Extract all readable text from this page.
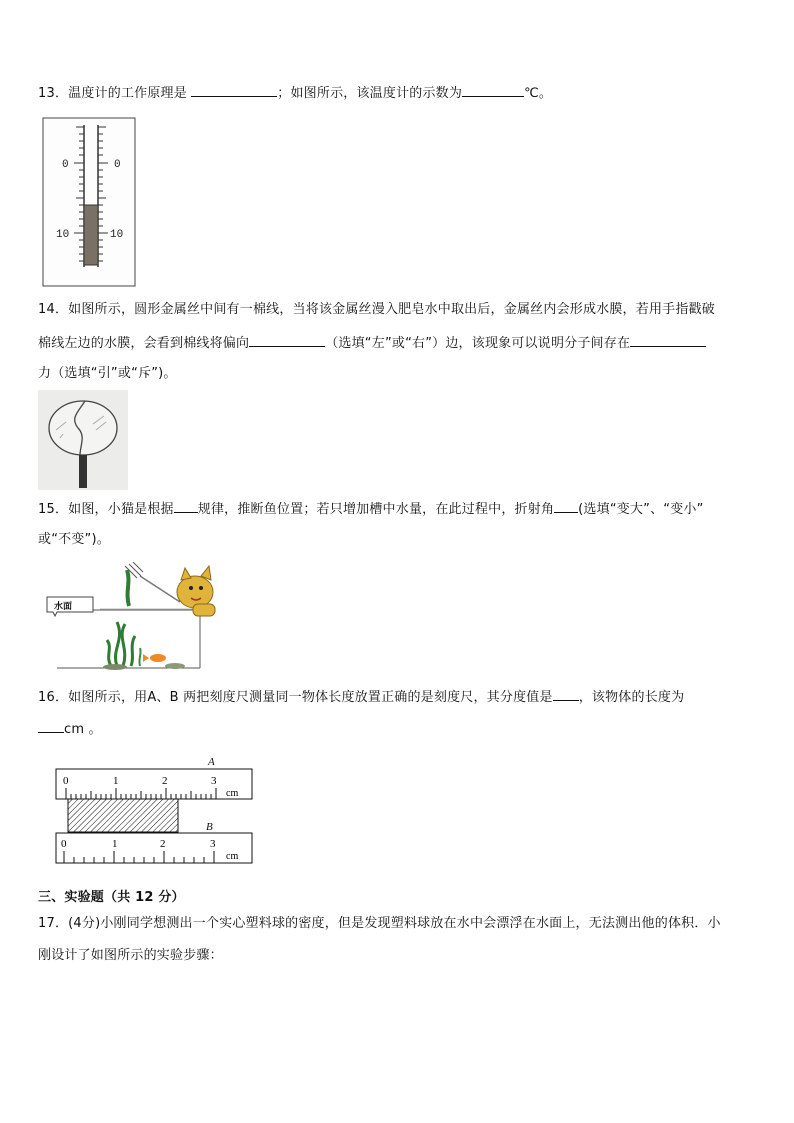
13．温度计的工作原理是	；如图所示，该温度计的示数为	℃。
0
10
0
10
14．如图所示，圆形金属丝中间有一棉线，当将该金属丝漫入肥皂水中取出后，金属丝内会形成水膜，若用手指戳破
棉线左边的水膜，会看到棉线将偏向	（选填“左”或“右”）边，该现象可以说明分子间存在
力（选填“引”或“斥”)。
15．如图，小猫是根据 规律，推断鱼位置；若只增加槽中水量，在此过程中，折射角 (选填“变大”、“变小”
或“不变”)。
水面
16．如图所示，用A、B 两把刻度尺测量同一物体长度放置正确的是刻度尺，其分度值是 ，该物体的长度为
cm 。
A
0	1	2	3
cm
B
0	1	2	3
cm
三、实验题（共 12 分）
17．(4分)小刚同学想测出一个实心塑料球的密度，但是发现塑料球放在水中会漂浮在水面上，无法测出他的体积．小
刚设计了如图所示的实验步骤：
